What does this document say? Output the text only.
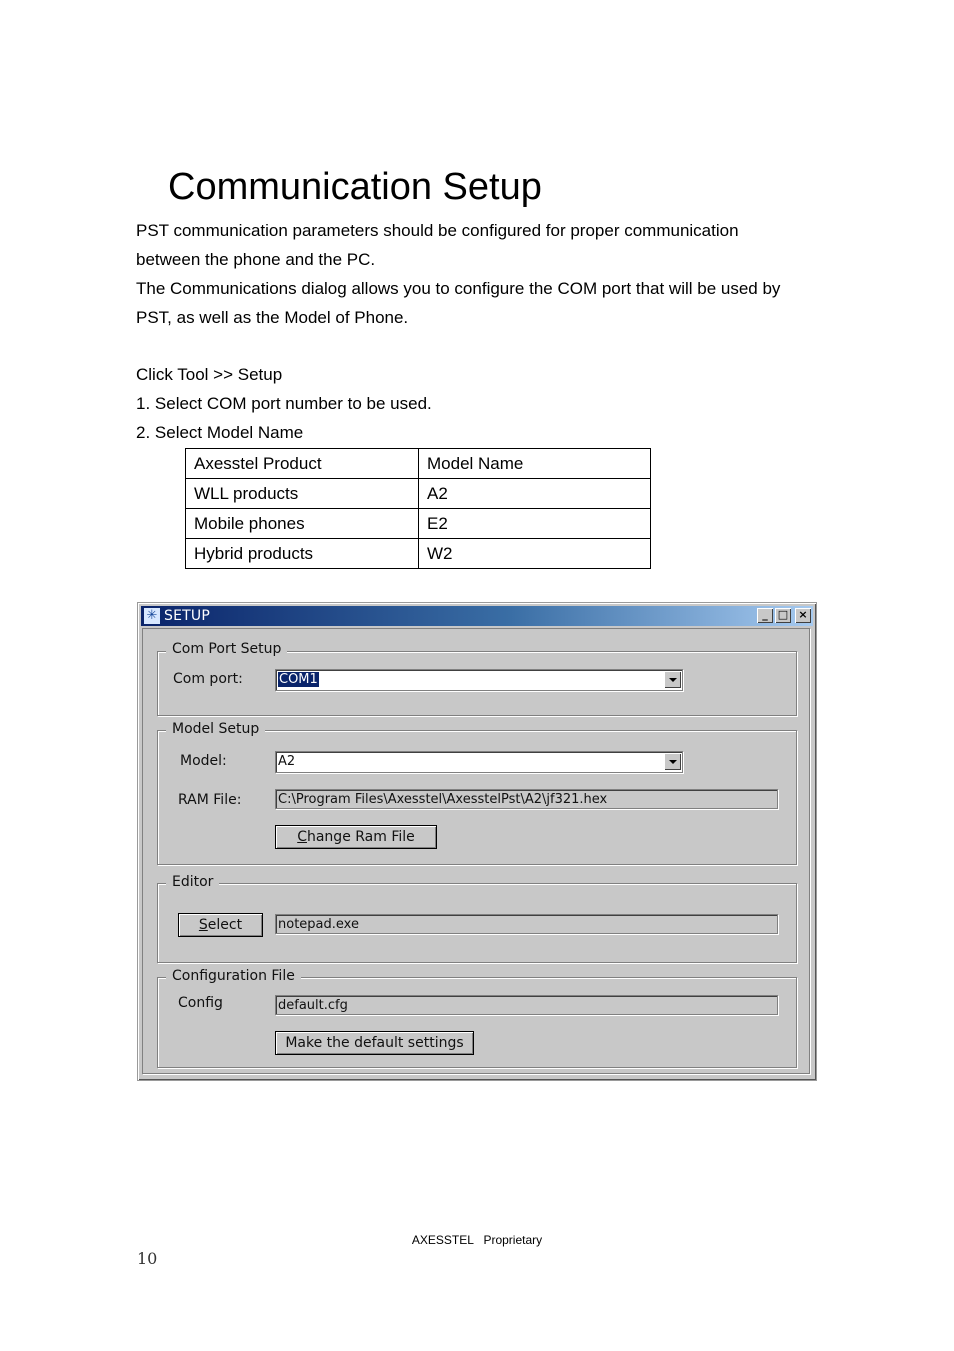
Communication Setup
PST communication parameters should be configured for proper communication
between the phone and the PC.
The Communications dialog allows you to configure the COM port that will be used by
PST, as well as the Model of Phone.
Click Tool >> Setup
1. Select COM port number to be used.
2. Select Model Name
Axesstel Product	Model Name
WLL products	A2
Mobile phones	E2
Hybrid products	W2
✳ SETUP	_ □ ×
Com Port Setup
Com port:	COM1
Model Setup
Model:	A2
RAM File:	C:\Program Files\Axesstel\AxesstelPst\A2\jf321.hex
Change Ram File
Editor
Select	notepad.exe
Configuration File
Config	default.cfg
Make the default settings
AXESSTEL   Proprietary
10
